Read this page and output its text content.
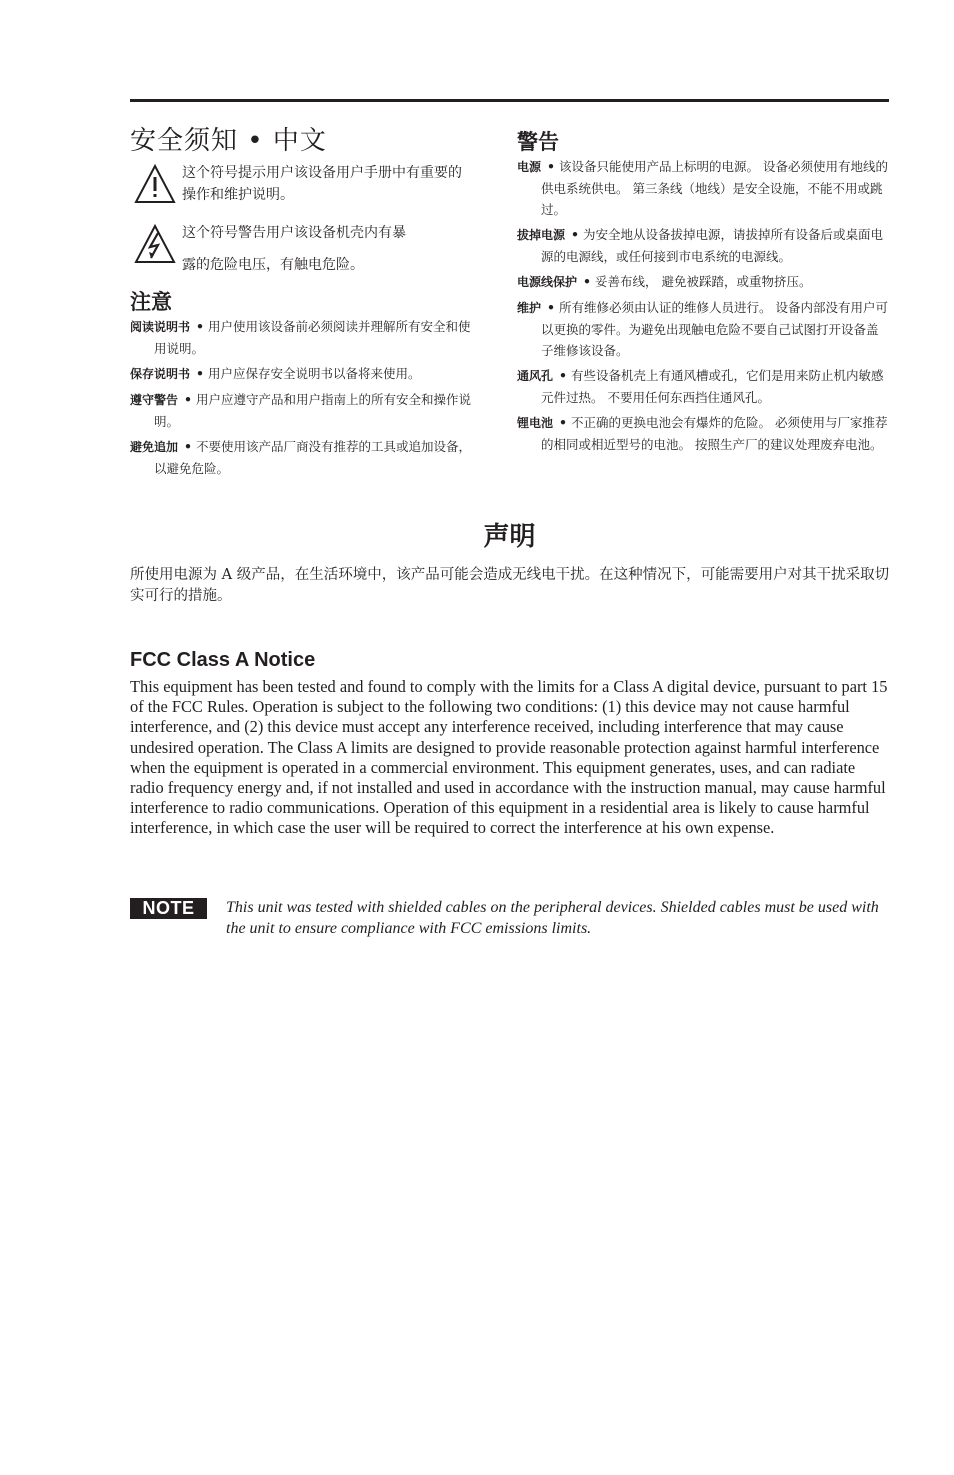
安全须知 • 中文
这个符号提示用户该设备用户手册中有重要的操作和维护说明。
这个符号警告用户该设备机壳内有暴
露的危险电压，有触电危险。
注意

阅读说明书 • 用户使用该设备前必须阅读并理解所有安全和使用说明。

保存说明书 • 用户应保存安全说明书以备将来使用。

遵守警告 • 用户应遵守产品和用户指南上的所有安全和操作说明。

避免追加 • 不要使用该产品厂商没有推荐的工具或追加设备，以避免危险。

警告

电源 • 该设备只能使用产品上标明的电源。 设备必须使用有地线的供电系统供电。 第三条线（地线）是安全设施，不能不用或跳过。

拔掉电源 • 为安全地从设备拔掉电源，请拔掉所有设备后或桌面电源的电源线，或任何接到市电系统的电源线。

电源线保护 • 妥善布线， 避免被踩踏，或重物挤压。

维护 • 所有维修必须由认证的维修人员进行。 设备内部没有用户可以更换的零件。为避免出现触电危险不要自己试图打开设备盖子维修该设备。

通风孔 • 有些设备机壳上有通风槽或孔，它们是用来防止机内敏感元件过热。 不要用任何东西挡住通风孔。

锂电池 • 不正确的更换电池会有爆炸的危险。 必须使用与厂家推荐的相同或相近型号的电池。 按照生产厂的建议处理废弃电池。

声明

所使用电源为 A 级产品，在生活环境中，该产品可能会造成无线电干扰。在这种情况下，可能需要用户对其干扰采取切实可行的措施。

FCC Class A Notice

This equipment has been tested and found to comply with the limits for a Class A digital device, pursuant to part 15 of the FCC Rules. Operation is subject to the following two conditions: (1) this device may not cause harmful interference, and (2) this device must accept any interference received, including interference that may cause undesired operation. The Class A limits are designed to provide reasonable protection against harmful interference when the equipment is operated in a commercial environment. This equipment generates, uses, and can radiate radio frequency energy and, if not installed and used in accordance with the instruction manual, may cause harmful interference to radio communications. Operation of this equipment in a residential area is likely to cause harmful interference, in which case the user will be required to correct the interference at his own expense.

NOTE	This unit was tested with shielded cables on the peripheral devices. Shielded cables must be used with the unit to ensure compliance with FCC emissions limits.
